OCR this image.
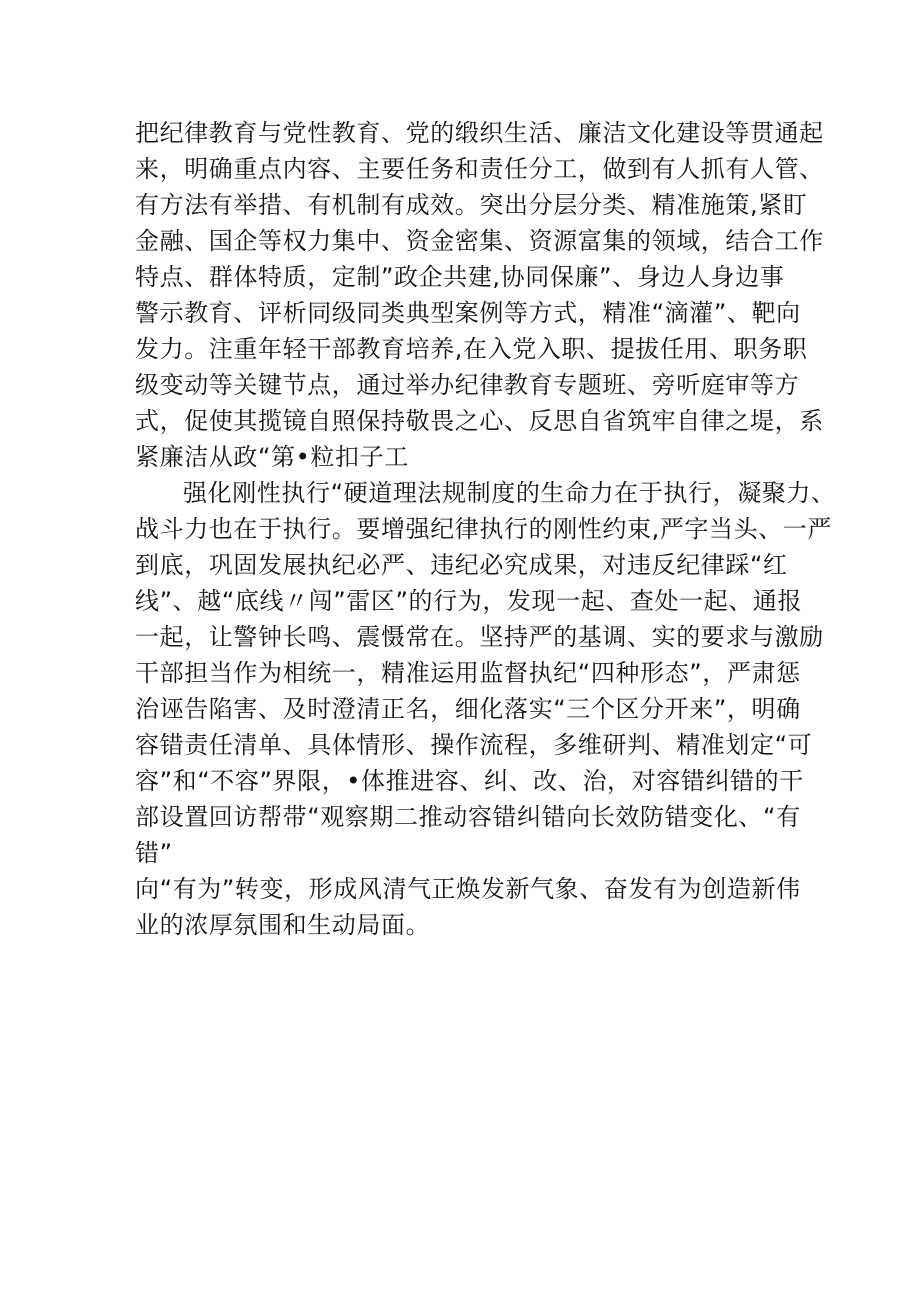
把纪律教育与党性教育、党的缎织生活、廉洁文化建设等贯通起
来，明确重点内容、主要任务和责任分工，做到有人抓有人管、
有方法有举措、有机制有成效。突出分层分类、精准施策,紧盯
金融、国企等权力集中、资金密集、资源富集的领域，结合工作
特点、群体特质，定制”政企共建,协同保廉”、身边人身边事
警示教育、评析同级同类典型案例等方式，精准“滴灌”、靶向
发力。注重年轻干部教育培养,在入党入职、提拔任用、职务职
级变动等关键节点，通过举办纪律教育专题班、旁听庭审等方
式，促使其揽镜自照保持敬畏之心、反思自省筑牢自律之堤，系
紧廉洁从政“第•粒扣子工
强化刚性执行“硬道理法规制度的生命力在于执行，凝聚力、
战斗力也在于执行。要增强纪律执行的刚性约束,严字当头、一严
到底，巩固发展执纪必严、违纪必究成果，对违反纪律踩“红
线”、越“底线〃闯”雷区”的行为，发现一起、查处一起、通报
一起，让警钟长鸣、震慑常在。坚持严的基调、实的要求与激励
干部担当作为相统一，精准运用监督执纪“四种形态”，严肃惩
治诬告陷害、及时澄清正名，细化落实“三个区分开来”，明确
容错责任清单、具体情形、操作流程，多维研判、精准划定“可
容”和“不容”界限，•体推进容、纠、改、治，对容错纠错的干
部设置回访帮带“观察期二推动容错纠错向长效防错变化、“有
错”
向“有为”转变，形成风清气正焕发新气象、奋发有为创造新伟
业的浓厚氛围和生动局面。
